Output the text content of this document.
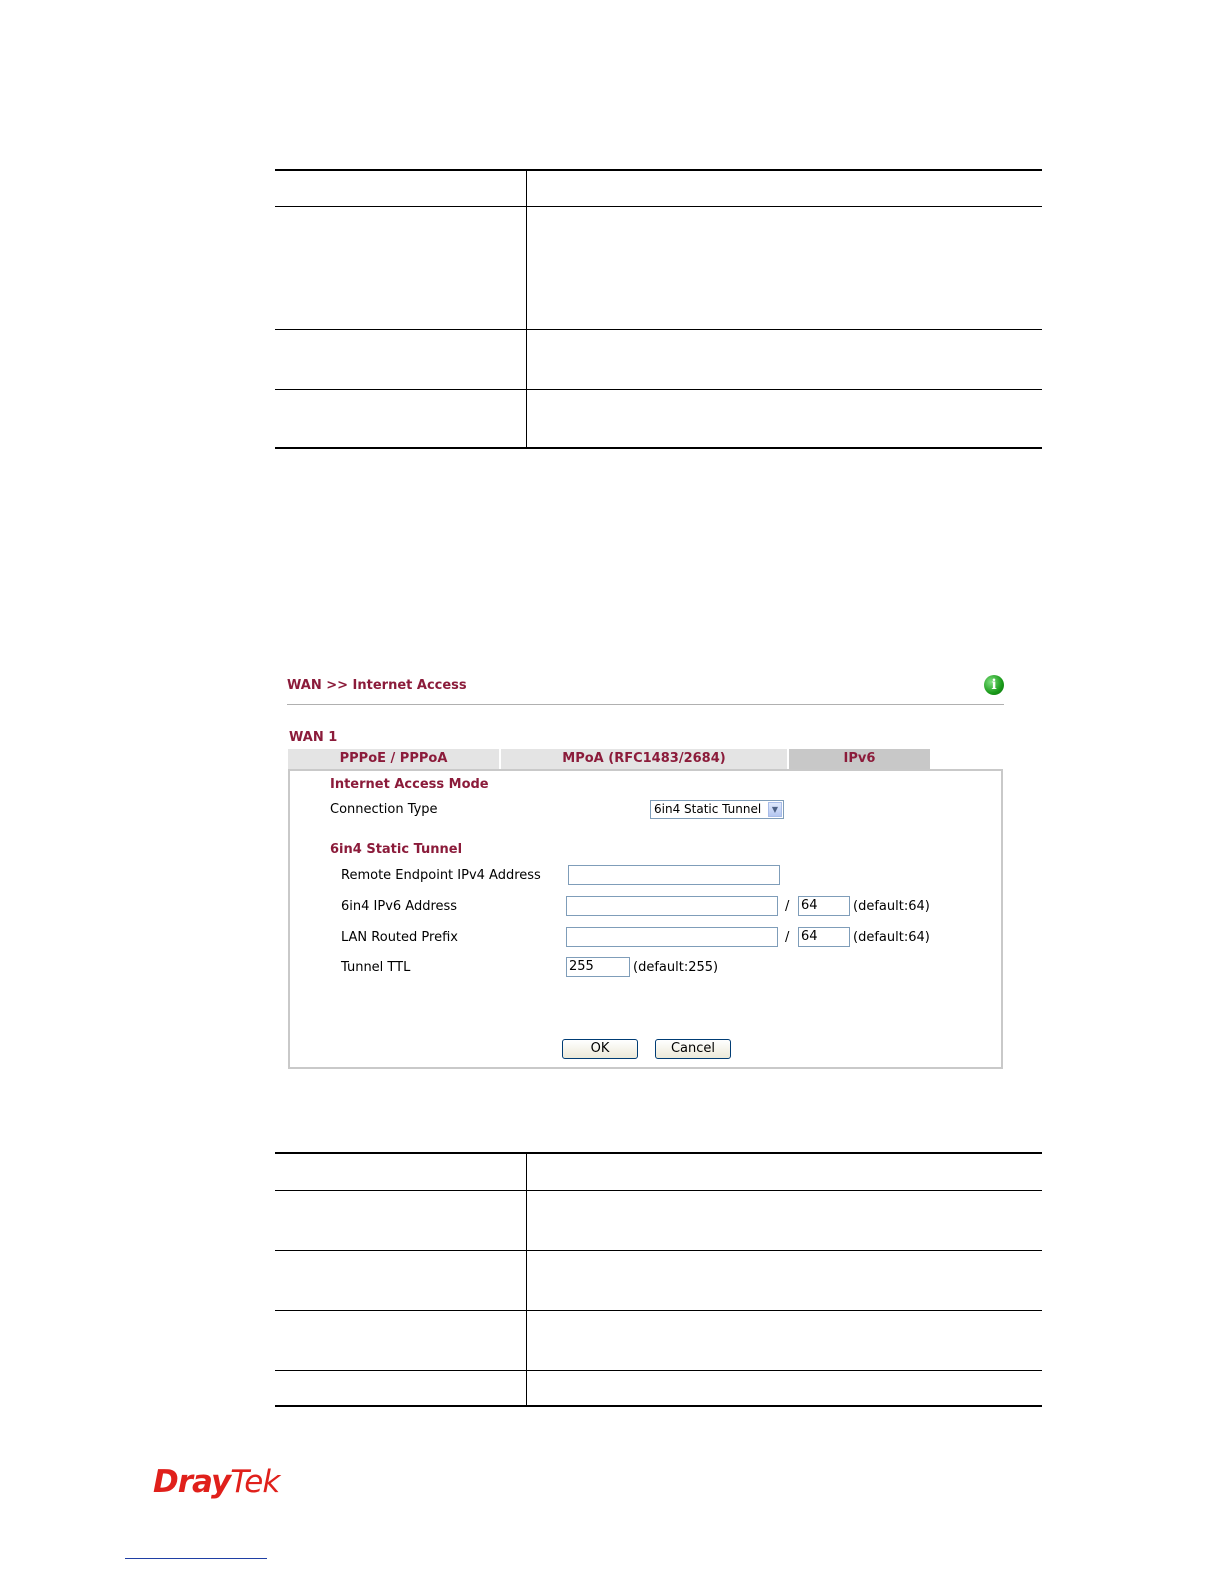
WAN >> Internet Access	i
WAN 1
PPPoE / PPPoA	MPoA (RFC1483/2684)	IPv6
Internet Access Mode
Connection Type	6in4 Static Tunnel	▼
6in4 Static Tunnel
Remote Endpoint IPv4 Address
6in4 IPv6 Address	/ 64	(default:64)
LAN Routed Prefix	/ 64	(default:64)
Tunnel TTL	255	(default:255)
OK	Cancel

DrayTek
